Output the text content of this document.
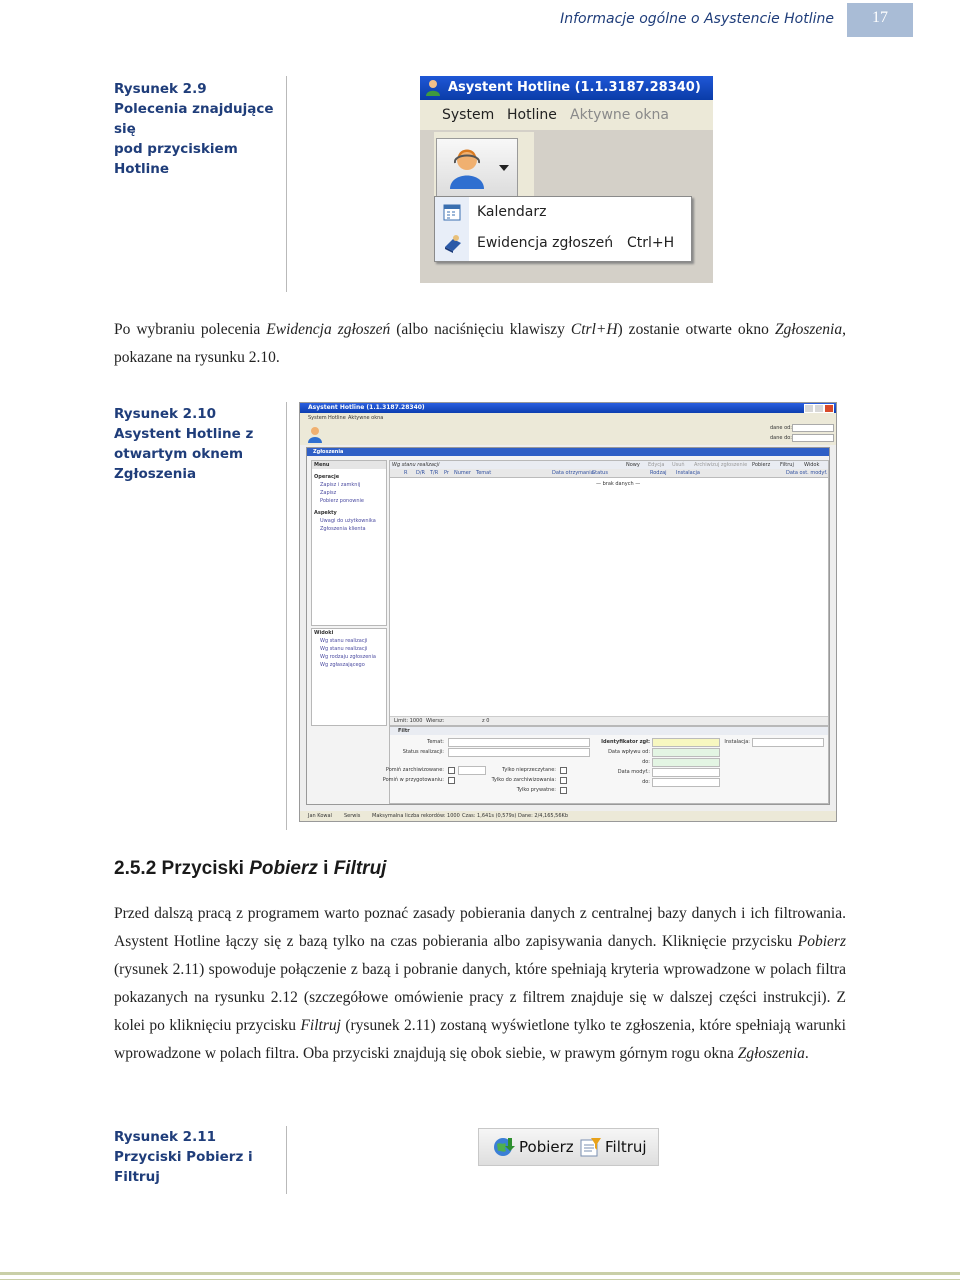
Informacje ogólne o Asystencie Hotline	17
Rysunek 2.9
Polecenia znajdujące się
pod przyciskiem Hotline
Asystent Hotline (1.1.3187.28340)
System Hotline Aktywne okna
Kalendarz
Ewidencja zgłoszeń Ctrl+H

Po wybraniu polecenia Ewidencja zgłoszeń (albo naciśnięciu klawiszy Ctrl+H) zostanie otwarte okno Zgłoszenia, pokazane na rysunku 2.10.

Rysunek 2.10
Asystent Hotline z
otwartym oknem
Zgłoszenia
Asystent Hotline (1.1.3187.28340)
System Hotline Aktywne okna
dane od:
dane do:
Zgłoszenia
Menu
Operacje
Zapisz i zamknij
Zapisz
Pobierz ponownie
Aspekty
Uwagi do użytkownika
Zgłoszenia klienta
Widoki
Wg stanu realizacji
Wg stanu realizacji
Wg rodzaju zgłoszenia
Wg zgłaszającego
Wg stanu realizacji	Nowy Edycja Usuń Archiwizuj zgłoszenie Pobierz Filtruj Widok
R D/R T/R Pr Numer Temat	Data otrzymania
Status	Rodzaj Instalacja	Data ost. modyf.
— brak danych —
Limit: 1000 Wiersz:	z 0
Filtr
Temat:
Status realizacji:
Pomiń zarchiwizowane:
Pomiń w przygotowaniu:
Tylko nieprzeczytane:
Tylko do zarchiwizowania:
Tylko prywatne:
Identyfikator zgł:
Data wpływu od:
do:
Data modyf.:
do:
Instalacja:
Jan Kowal Serwis Maksymalna liczba rekordów: 1000 Czas: 1,641s (0,579s) Dane: 2/4,165,56Kb
2.5.2 Przyciski Pobierz i Filtruj

Przed dalszą pracą z programem warto poznać zasady pobierania danych z centralnej bazy danych i ich filtrowania. Asystent Hotline łączy się z bazą tylko na czas pobierania albo zapisywania danych. Kliknięcie przycisku Pobierz (rysunek 2.11) spowoduje połączenie z bazą i pobranie danych, które spełniają kryteria wprowadzone w polach filtra pokazanych na rysunku 2.12 (szczegółowe omówienie pracy z filtrem znajduje się w dalszej części instrukcji). Z kolei po kliknięciu przycisku Filtruj (rysunek 2.11) zostaną wyświetlone tylko te zgłoszenia, które spełniają warunki wprowadzone w polach filtra. Oba przyciski znajdują się obok siebie, w prawym górnym rogu okna Zgłoszenia.

Rysunek 2.11
Przyciski Pobierz i Filtruj
Pobierz Filtruj
